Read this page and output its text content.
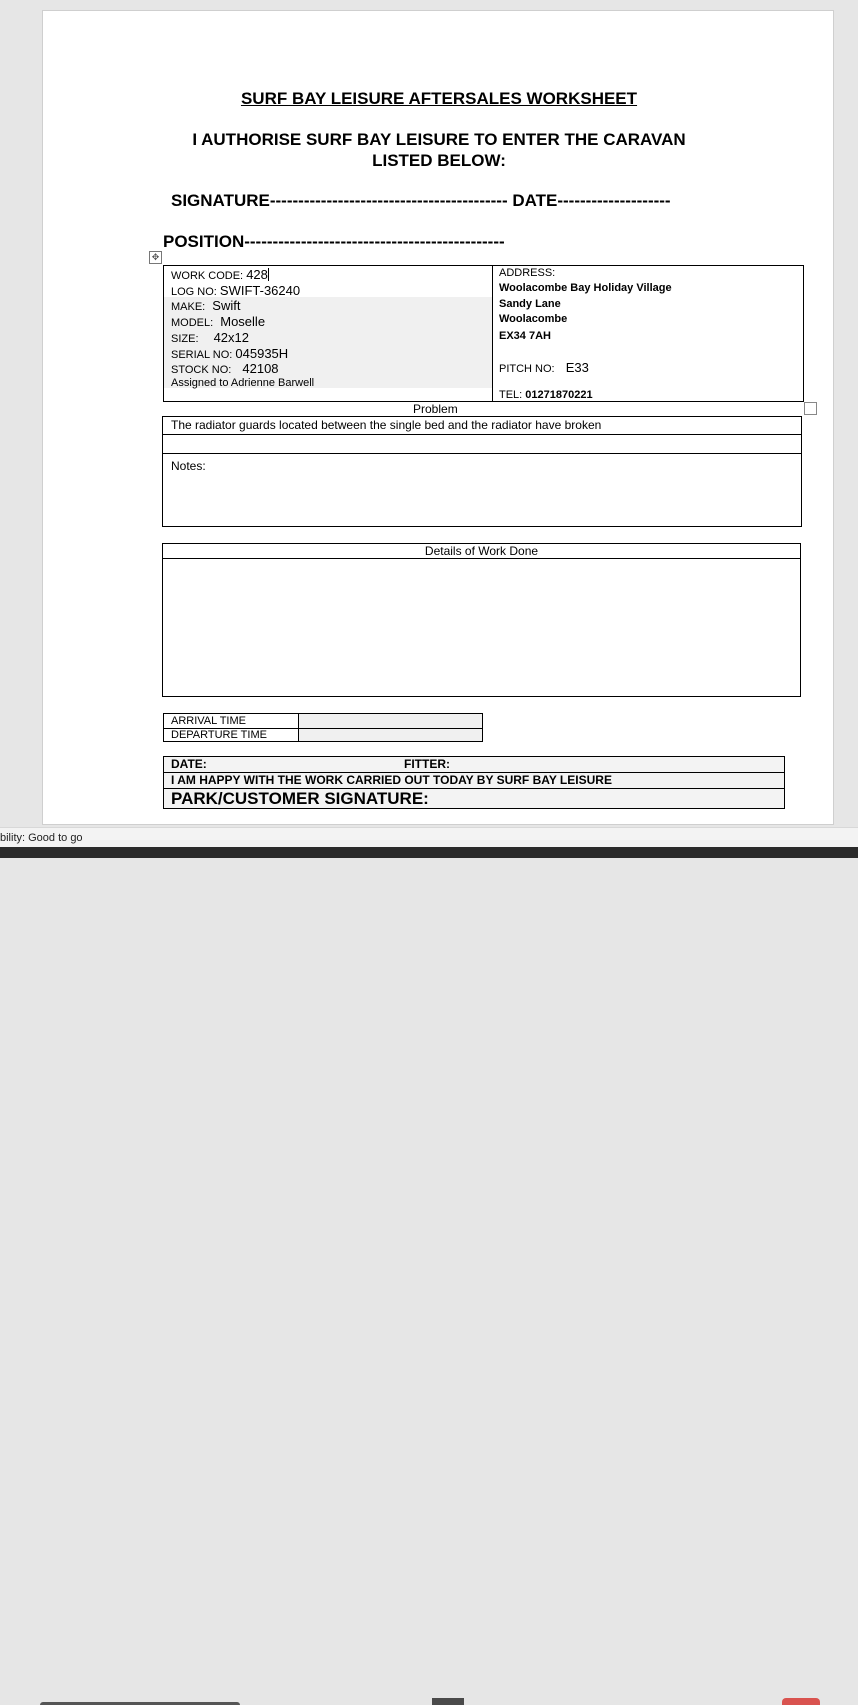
SURF BAY LEISURE AFTERSALES WORKSHEET
I AUTHORISE SURF BAY LEISURE TO ENTER THE CARAVAN
LISTED BELOW:
SIGNATURE------------------------------------------ DATE--------------------
POSITION----------------------------------------------
✥
WORK CODE: 428
LOG NO: SWIFT-36240
MAKE: Swift
MODEL: Moselle
SIZE: 42x12
SERIAL NO: 045935H
STOCK NO: 42108
Assigned to Adrienne Barwell
ADDRESS:
Woolacombe Bay Holiday Village
Sandy Lane
Woolacombe
EX34 7AH
PITCH NO: E33
TEL: 01271870221
Problem
The radiator guards located between the single bed and the radiator have broken
Notes:
Details of Work Done
ARRIVAL TIME
DEPARTURE TIME
DATE:	FITTER:
I AM HAPPY WITH THE WORK CARRIED OUT TODAY BY SURF BAY LEISURE
PARK/CUSTOMER SIGNATURE:
bility: Good to go
